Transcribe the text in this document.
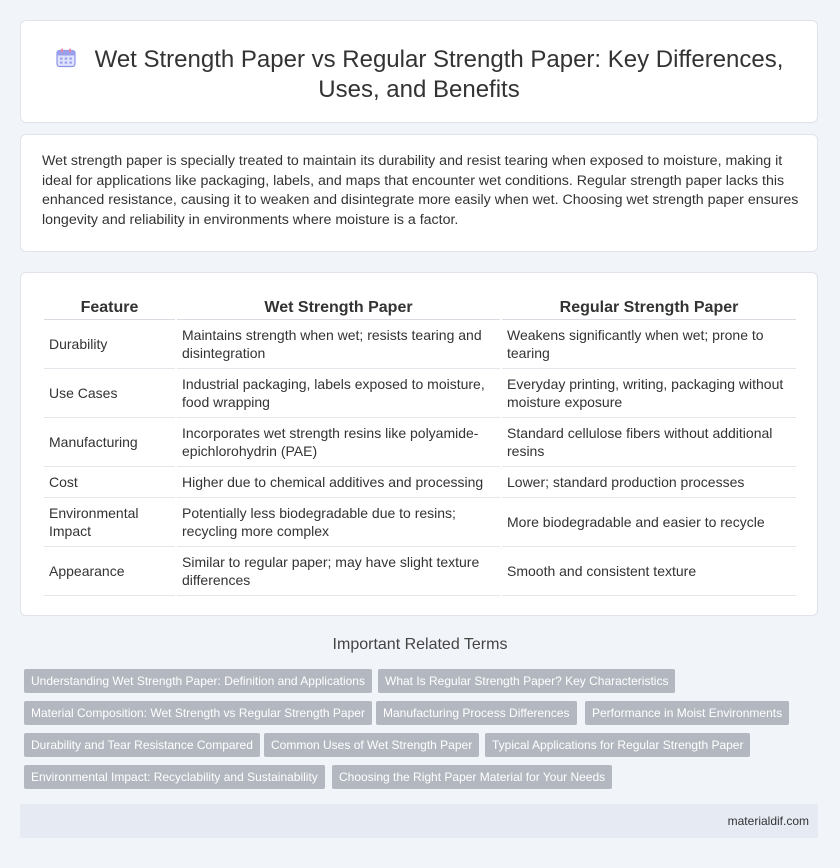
Wet Strength Paper vs Regular Strength Paper: Key Differences,
Uses, and Benefits

Wet strength paper is specially treated to maintain its durability and resist tearing when exposed to moisture, making it ideal for applications like packaging, labels, and maps that encounter wet conditions. Regular strength paper lacks this enhanced resistance, causing it to weaken and disintegrate more easily when wet. Choosing wet strength paper ensures longevity and reliability in environments where moisture is a factor.

Feature	Wet Strength Paper	Regular Strength Paper
Durability	Maintains strength when wet; resists tearing and disintegration	Weakens significantly when wet; prone to tearing
Use Cases	Industrial packaging, labels exposed to moisture, food wrapping	Everyday printing, writing, packaging without moisture exposure
Manufacturing	Incorporates wet strength resins like polyamide-epichlorohydrin (PAE)	Standard cellulose fibers without additional resins
Cost	Higher due to chemical additives and processing	Lower; standard production processes
Environmental Impact	Potentially less biodegradable due to resins; recycling more complex	More biodegradable and easier to recycle
Appearance	Similar to regular paper; may have slight texture differences	Smooth and consistent texture
Important Related Terms
Understanding Wet Strength Paper: Definition and Applications	What Is Regular Strength Paper? Key Characteristics
Material Composition: Wet Strength vs Regular Strength Paper	Manufacturing Process Differences	Performance in Moist Environments
Durability and Tear Resistance Compared	Common Uses of Wet Strength Paper	Typical Applications for Regular Strength Paper
Environmental Impact: Recyclability and Sustainability	Choosing the Right Paper Material for Your Needs
materialdif.com
